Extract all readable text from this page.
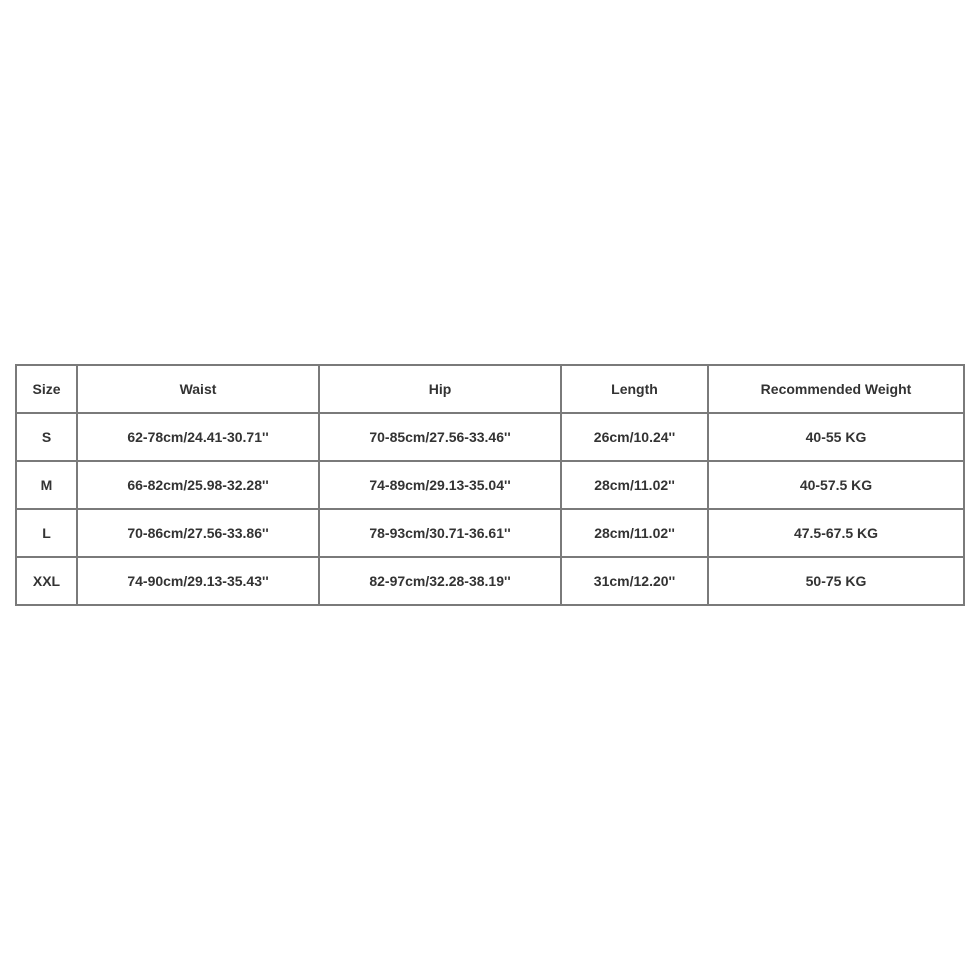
Size	Waist	Hip	Length	Recommended Weight
S	62-78cm/24.41-30.71''	70-85cm/27.56-33.46''	26cm/10.24''	40-55 KG
M	66-82cm/25.98-32.28''	74-89cm/29.13-35.04''	28cm/11.02''	40-57.5 KG
L	70-86cm/27.56-33.86''	78-93cm/30.71-36.61''	28cm/11.02''	47.5-67.5 KG
XXL	74-90cm/29.13-35.43''	82-97cm/32.28-38.19''	31cm/12.20''	50-75 KG
